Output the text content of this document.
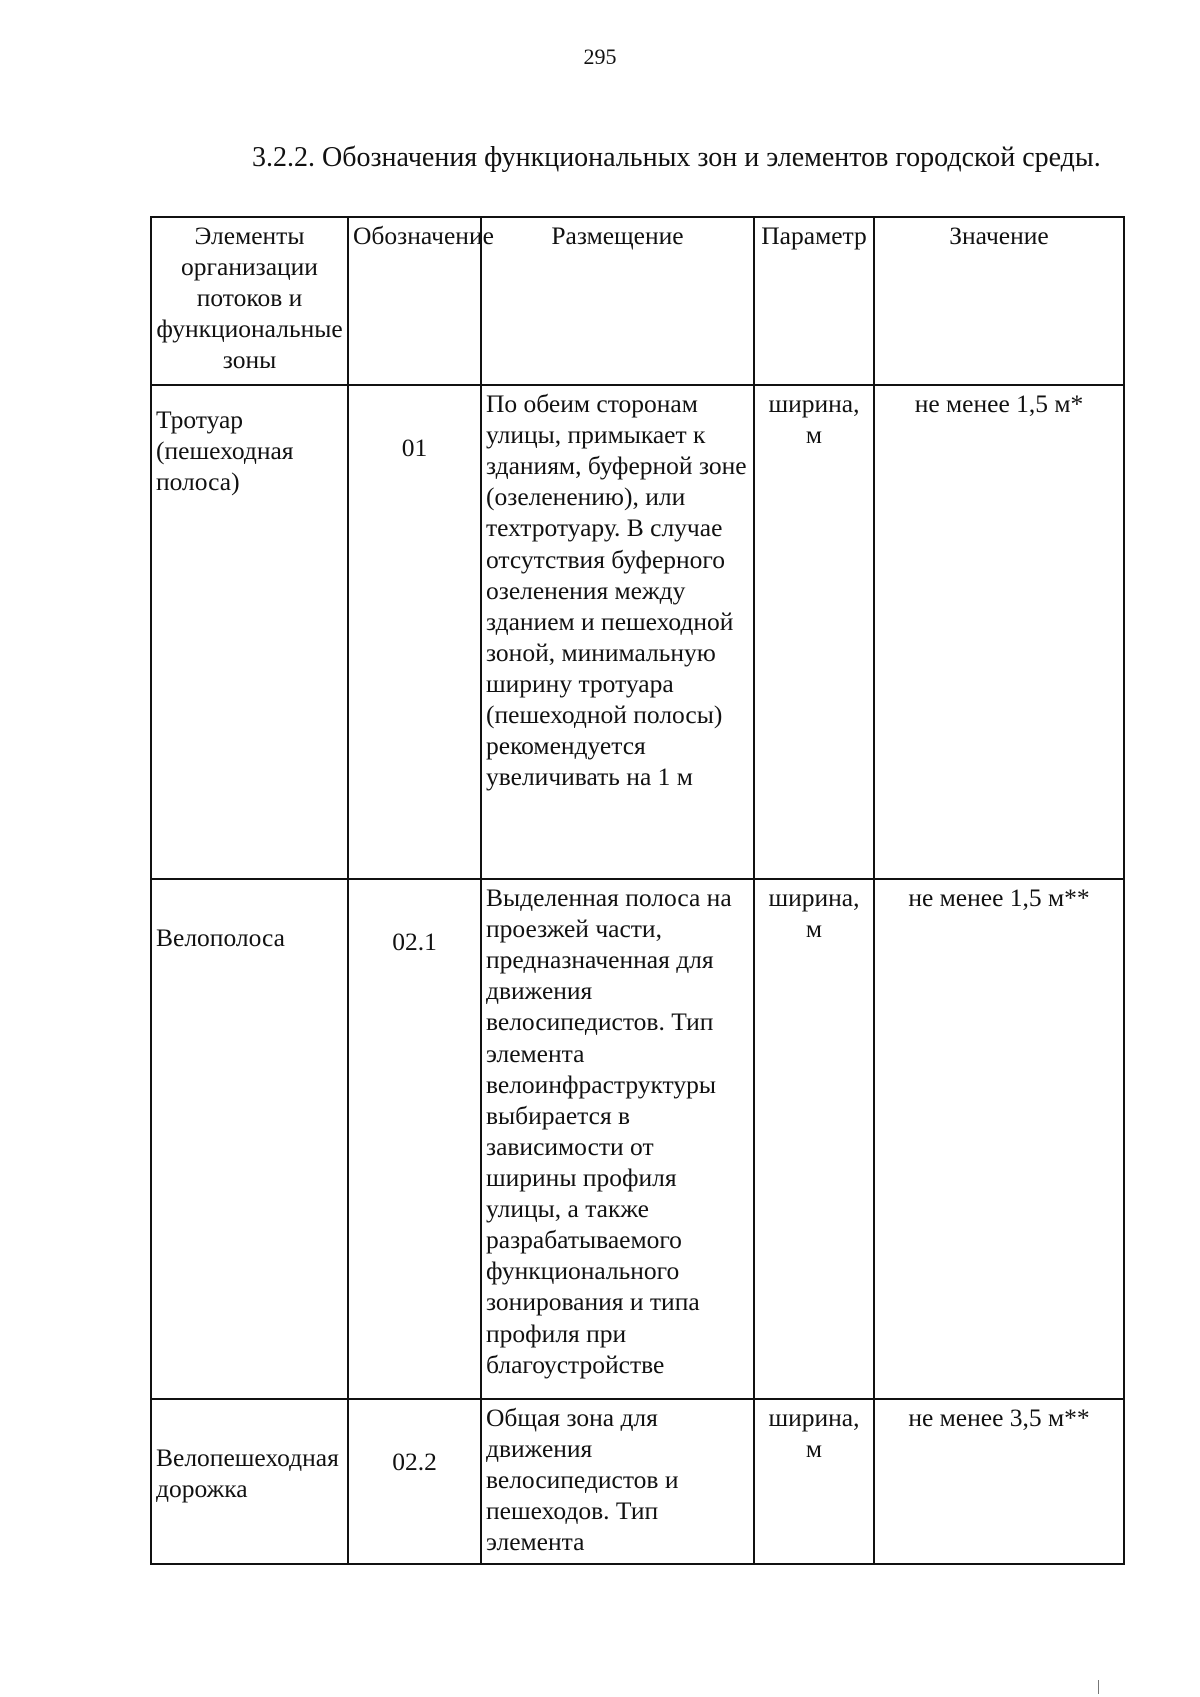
295
3.2.2. Обозначения функциональных зон и элементов городской среды.
Элементы организации потоков и функциональные зоны	Обозначение	Размещение	Параметр	Значение
Тротуар (пешеходная полоса)	01	По обеим сторонам улицы, примыкает к зданиям, буферной зоне (озеленению), или техтротуару. В случае отсутствия буферного озеленения между зданием и пешеходной зоной, минимальную ширину тротуара (пешеходной полосы) рекомендуется увеличивать на 1 м	ширина, м	не менее 1,5 м*
Велополоса	02.1	Выделенная полоса на проезжей части, предназначенная для движения велосипедистов. Тип элемента велоинфраструктуры выбирается в зависимости от ширины профиля улицы, а также разрабатываемого функционального зонирования и типа профиля при благоустройстве	ширина, м	не менее 1,5 м**
Велопешеходная дорожка	02.2	Общая зона для движения велосипедистов и пешеходов. Тип элемента	ширина, м	не менее 3,5 м**
